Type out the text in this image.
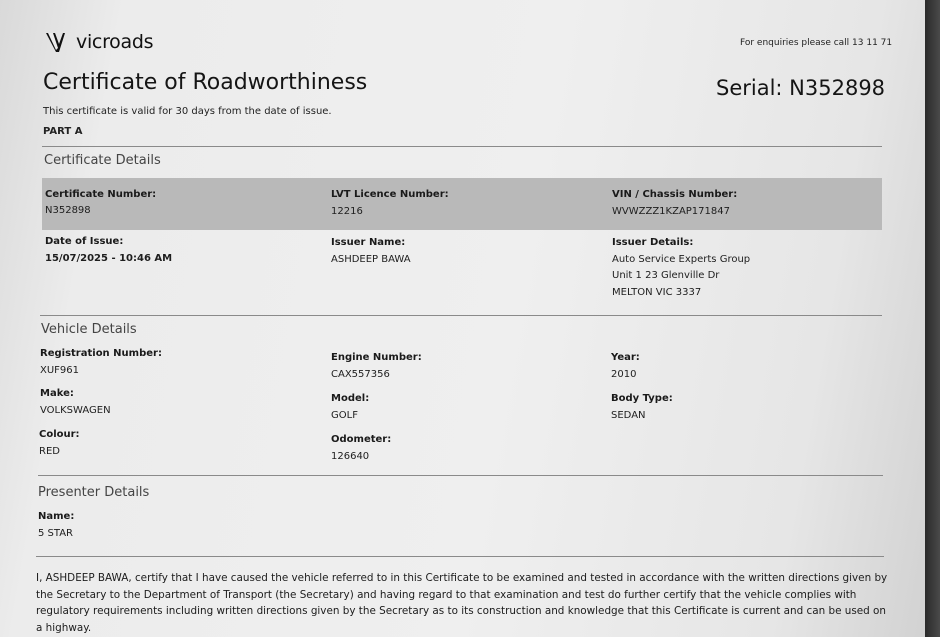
vicroads	For enquiries please call 13 11 71
Certificate of Roadworthiness	Serial: N352898
This certificate is valid for 30 days from the date of issue.
PART A
Certificate Details
Certificate Number:
N352898
LVT Licence Number:
12216
VIN / Chassis Number:
WVWZZZ1KZAP171847
Date of Issue:
15/07/2025 - 10:46 AM
Issuer Name:
ASHDEEP BAWA
Issuer Details:
Auto Service Experts Group
Unit 1 23 Glenville Dr
MELTON VIC 3337
Vehicle Details
Registration Number:
XUF961
Engine Number:
CAX557356
Year:
2010
Make:
VOLKSWAGEN
Model:
GOLF
Body Type:
SEDAN
Colour:
RED
Odometer:
126640
Presenter Details
Name:
5 STAR
I, ASHDEEP BAWA, certify that I have caused the vehicle referred to in this Certificate to be examined and tested in accordance with the written directions given by the Secretary to the Department of Transport (the Secretary) and having regard to that examination and test do further certify that the vehicle complies with regulatory requirements including written directions given by the Secretary as to its construction and knowledge that this Certificate is current and can be used on a highway.
